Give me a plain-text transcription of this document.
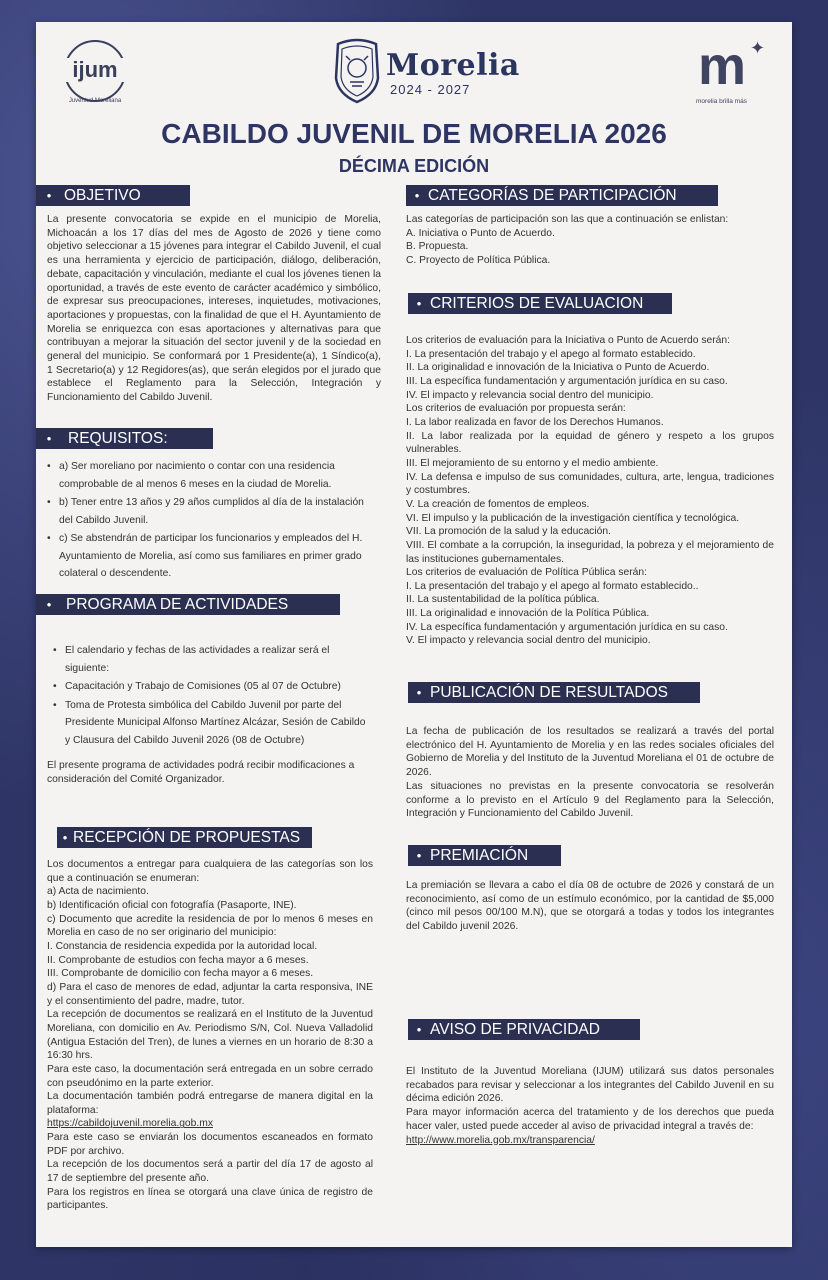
ijum
Juventud Moreliana
Morelia
2024 - 2027	m ✦
morelia brilla más
CABILDO JUVENIL DE MORELIA 2026
DÉCIMA EDICIÓN
• OBJETIVO
La presente convocatoria se expide en el municipio de Morelia, Michoacán a los 17 días del mes de Agosto de 2026 y tiene como objetivo seleccionar a 15 jóvenes para integrar el Cabildo Juvenil, el cual es una herramienta y ejercicio de participación, diálogo, deliberación, debate, capacitación y vinculación, mediante el cual los jóvenes tienen la oportunidad, a través de este evento de carácter académico y simbólico, de expresar sus preocupaciones, intereses, inquietudes, motivaciones, aportaciones y propuestas, con la finalidad de que el H. Ayuntamiento de Morelia se enriquezca con esas aportaciones y alternativas para que contribuyan a mejorar la situación del sector juvenil y de la sociedad en general del municipio. Se conformará por 1 Presidente(a), 1 Síndico(a), 1 Secretario(a) y 12 Regidores(as), que serán elegidos por el jurado que establece el Reglamento para la Selección, Integración y Funcionamiento del Cabildo Juvenil.
• REQUISITOS:
• a) Ser moreliano por nacimiento o contar con una residencia comprobable de al menos 6 meses en la ciudad de Morelia.
• b) Tener entre 13 años y 29 años cumplidos al día de la instalación del Cabildo Juvenil.
• c) Se abstendrán de participar los funcionarios y empleados del H. Ayuntamiento de Morelia, así como sus familiares en primer grado colateral o descendente.
• PROGRAMA DE ACTIVIDADES
• El calendario y fechas de las actividades a realizar será el siguiente:
• Capacitación y Trabajo de Comisiones (05 al 07 de Octubre)
• Toma de Protesta simbólica del Cabildo Juvenil por parte del Presidente Municipal Alfonso Martínez Alcázar, Sesión de Cabildo y Clausura del Cabildo Juvenil 2026 (08 de Octubre)
El presente programa de actividades podrá recibir modificaciones a consideración del Comité Organizador.
• RECEPCIÓN DE PROPUESTAS

Los documentos a entregar para cualquiera de las categorías son los que a continuación se enumeran:

a) Acta de nacimiento.

b) Identificación oficial con fotografía (Pasaporte, INE).

c) Documento que acredite la residencia de por lo menos 6 meses en Morelia en caso de no ser originario del municipio:

I. Constancia de residencia expedida por la autoridad local.

II. Comprobante de estudios con fecha mayor a 6 meses.

III. Comprobante de domicilio con fecha mayor a 6 meses.

d) Para el caso de menores de edad, adjuntar la carta responsiva, INE y el consentimiento del padre, madre, tutor.

La recepción de documentos se realizará en el Instituto de la Juventud Moreliana, con domicilio en Av. Periodismo S/N, Col. Nueva Valladolid (Antigua Estación del Tren), de lunes a viernes en un horario de 8:30 a 16:30 hrs.

Para este caso, la documentación será entregada en un sobre cerrado con pseudónimo en la parte exterior.

La documentación también podrá entregarse de manera digital en la plataforma:

https://cabildojuvenil.morelia.gob.mx

Para este caso se enviarán los documentos escaneados en formato PDF por archivo.

La recepción de los documentos será a partir del día 17 de agosto al 17 de septiembre del presente año.

Para los registros en línea se otorgará una clave única de registro de participantes.

• CATEGORÍAS DE PARTICIPACIÓN

Las categorías de participación son las que a continuación se enlistan:

A. Iniciativa o Punto de Acuerdo.

B. Propuesta.

C. Proyecto de Política Pública.

• CRITERIOS DE EVALUACION

Los criterios de evaluación para la Iniciativa o Punto de Acuerdo serán:

I. La presentación del trabajo y el apego al formato establecido.

II. La originalidad e innovación de la Iniciativa o Punto de Acuerdo.

III. La específica fundamentación y argumentación jurídica en su caso.

IV. El impacto y relevancia social dentro del municipio.

Los criterios de evaluación por propuesta serán:

I. La labor realizada en favor de los Derechos Humanos.

II. La labor realizada por la equidad de género y respeto a los grupos vulnerables.

III. El mejoramiento de su entorno y el medio ambiente.

IV. La defensa e impulso de sus comunidades, cultura, arte, lengua, tradiciones y costumbres.

V. La creación de fomentos de empleos.

VI. El impulso y la publicación de la investigación científica y tecnológica.

VII. La promoción de la salud y la educación.

VIII. El combate a la corrupción, la inseguridad, la pobreza y el mejoramiento de las instituciones gubernamentales.

Los criterios de evaluación de Política Pública serán:

I. La presentación del trabajo y el apego al formato establecido..

II. La sustentabilidad de la política pública.

III. La originalidad e innovación de la Política Pública.

IV. La específica fundamentación y argumentación jurídica en su caso.

V. El impacto y relevancia social dentro del municipio.

• PUBLICACIÓN DE RESULTADOS

La fecha de publicación de los resultados se realizará a través del portal electrónico del H. Ayuntamiento de Morelia y en las redes sociales oficiales del Gobierno de Morelia y del Instituto de la Juventud Moreliana el 01 de octubre de 2026.

Las situaciones no previstas en la presente convocatoria se resolverán conforme a lo previsto en el Artículo 9 del Reglamento para la Selección, Integración y Funcionamiento del Cabildo Juvenil.

• PREMIACIÓN
La premiación se llevara a cabo el día 08 de octubre de 2026 y constará de un reconocimiento, así como de un estímulo económico, por la cantidad de $5,000 (cinco mil pesos 00/100 M.N), que se otorgará a todas y todos los integrantes del Cabildo juvenil 2026.
• AVISO DE PRIVACIDAD

El Instituto de la Juventud Moreliana (IJUM) utilizará sus datos personales recabados para revisar y seleccionar a los integrantes del Cabildo Juvenil en su décima edición 2026.

Para mayor información acerca del tratamiento y de los derechos que pueda hacer valer, usted puede acceder al aviso de privacidad integral a través de:

http://www.morelia.gob.mx/transparencia/
